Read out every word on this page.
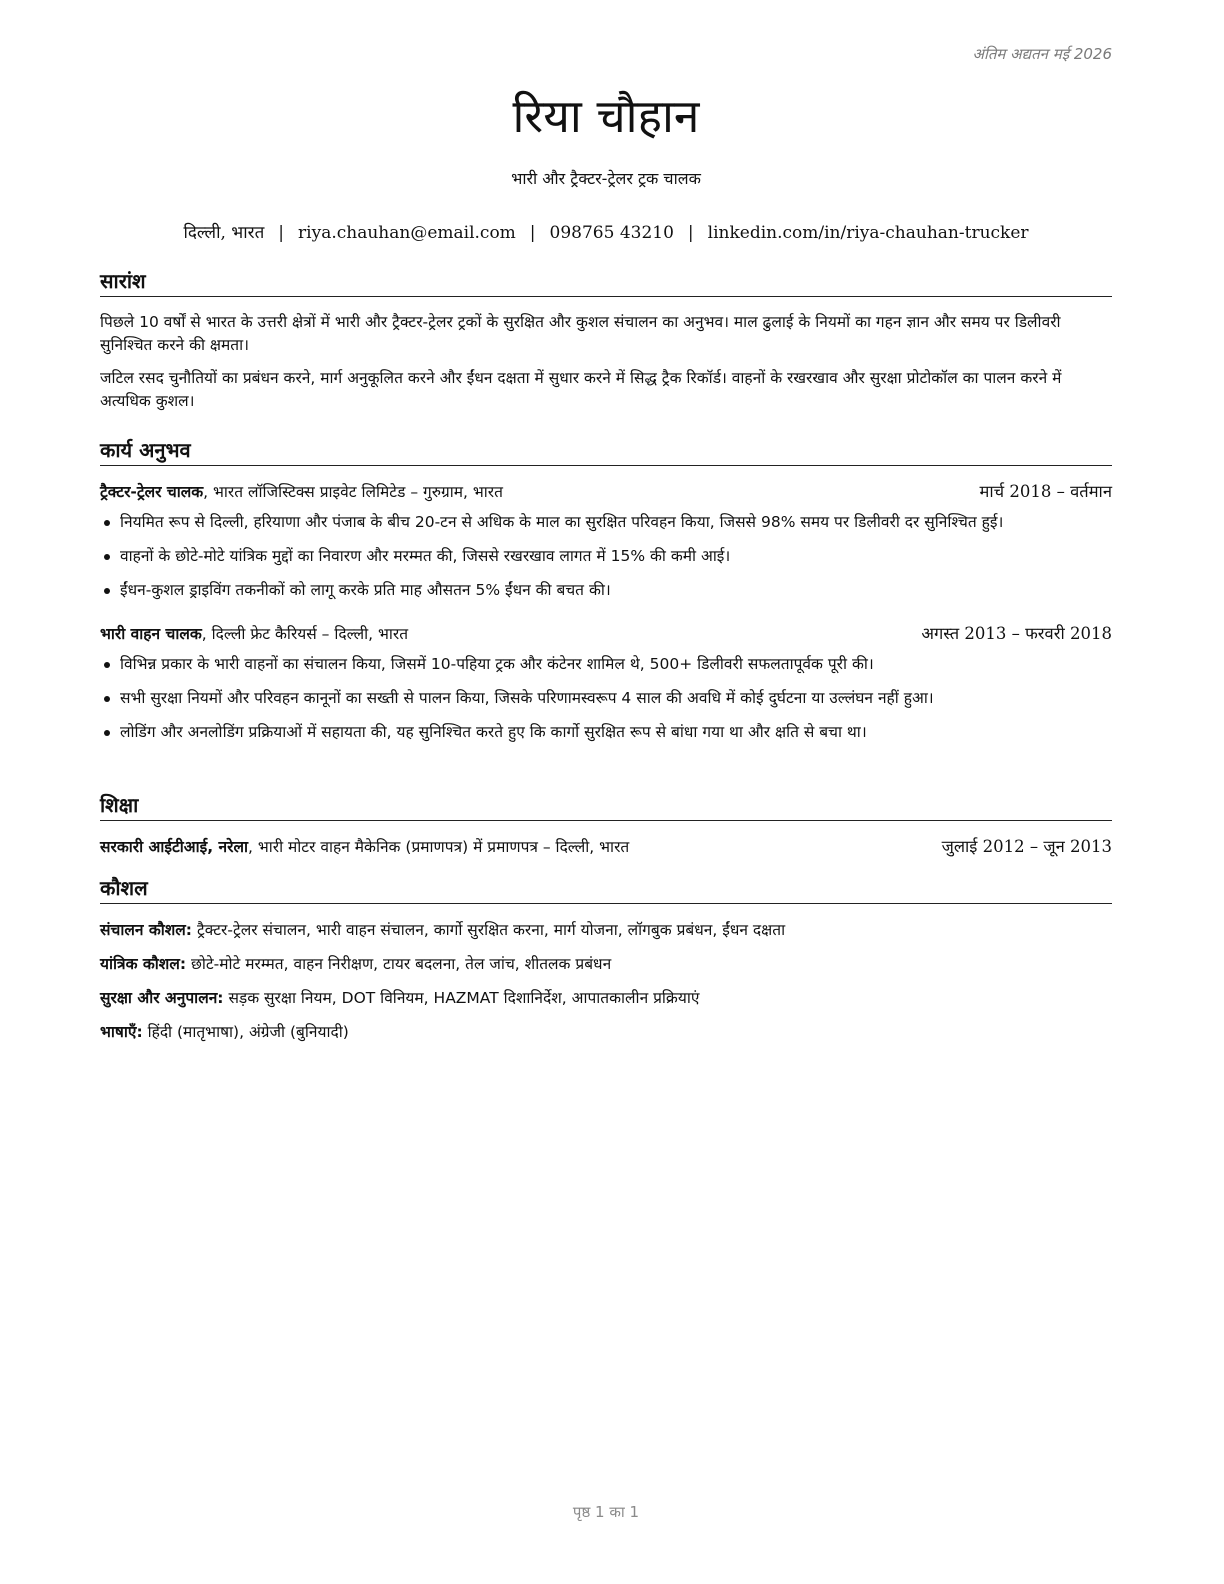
अंतिम अद्यतन मई 2026
रिया चौहान
भारी और ट्रैक्टर-ट्रेलर ट्रक चालक
दिल्ली, भारत | riya.chauhan@email.com | 098765 43210 | linkedin.com/in/riya-chauhan-trucker
सारांश

पिछले 10 वर्षों से भारत के उत्तरी क्षेत्रों में भारी और ट्रैक्टर-ट्रेलर ट्रकों के सुरक्षित और कुशल संचालन का अनुभव। माल ढुलाई के नियमों का गहन ज्ञान और समय पर डिलीवरी सुनिश्चित करने की क्षमता।

जटिल रसद चुनौतियों का प्रबंधन करने, मार्ग अनुकूलित करने और ईंधन दक्षता में सुधार करने में सिद्ध ट्रैक रिकॉर्ड। वाहनों के रखरखाव और सुरक्षा प्रोटोकॉल का पालन करने में अत्यधिक कुशल।

कार्य अनुभव
ट्रैक्टर-ट्रेलर चालक, भारत लॉजिस्टिक्स प्राइवेट लिमिटेड – गुरुग्राम, भारत	मार्च 2018 – वर्तमान
नियमित रूप से दिल्ली, हरियाणा और पंजाब के बीच 20-टन से अधिक के माल का सुरक्षित परिवहन किया, जिससे 98% समय पर डिलीवरी दर सुनिश्चित हुई।
वाहनों के छोटे-मोटे यांत्रिक मुद्दों का निवारण और मरम्मत की, जिससे रखरखाव लागत में 15% की कमी आई।
ईंधन-कुशल ड्राइविंग तकनीकों को लागू करके प्रति माह औसतन 5% ईंधन की बचत की।
भारी वाहन चालक, दिल्ली फ्रेट कैरियर्स – दिल्ली, भारत	अगस्त 2013 – फरवरी 2018
विभिन्न प्रकार के भारी वाहनों का संचालन किया, जिसमें 10-पहिया ट्रक और कंटेनर शामिल थे, 500+ डिलीवरी सफलतापूर्वक पूरी की।
सभी सुरक्षा नियमों और परिवहन कानूनों का सख्ती से पालन किया, जिसके परिणामस्वरूप 4 साल की अवधि में कोई दुर्घटना या उल्लंघन नहीं हुआ।
लोडिंग और अनलोडिंग प्रक्रियाओं में सहायता की, यह सुनिश्चित करते हुए कि कार्गो सुरक्षित रूप से बांधा गया था और क्षति से बचा था।
शिक्षा
सरकारी आईटीआई, नरेला, भारी मोटर वाहन मैकेनिक (प्रमाणपत्र) में प्रमाणपत्र – दिल्ली, भारत	जुलाई 2012 – जून 2013
कौशल
संचालन कौशल: ट्रैक्टर-ट्रेलर संचालन, भारी वाहन संचालन, कार्गो सुरक्षित करना, मार्ग योजना, लॉगबुक प्रबंधन, ईंधन दक्षता
यांत्रिक कौशल: छोटे-मोटे मरम्मत, वाहन निरीक्षण, टायर बदलना, तेल जांच, शीतलक प्रबंधन
सुरक्षा और अनुपालन: सड़क सुरक्षा नियम, DOT विनियम, HAZMAT दिशानिर्देश, आपातकालीन प्रक्रियाएं
भाषाएँ: हिंदी (मातृभाषा), अंग्रेजी (बुनियादी)
पृष्ठ 1 का 1
